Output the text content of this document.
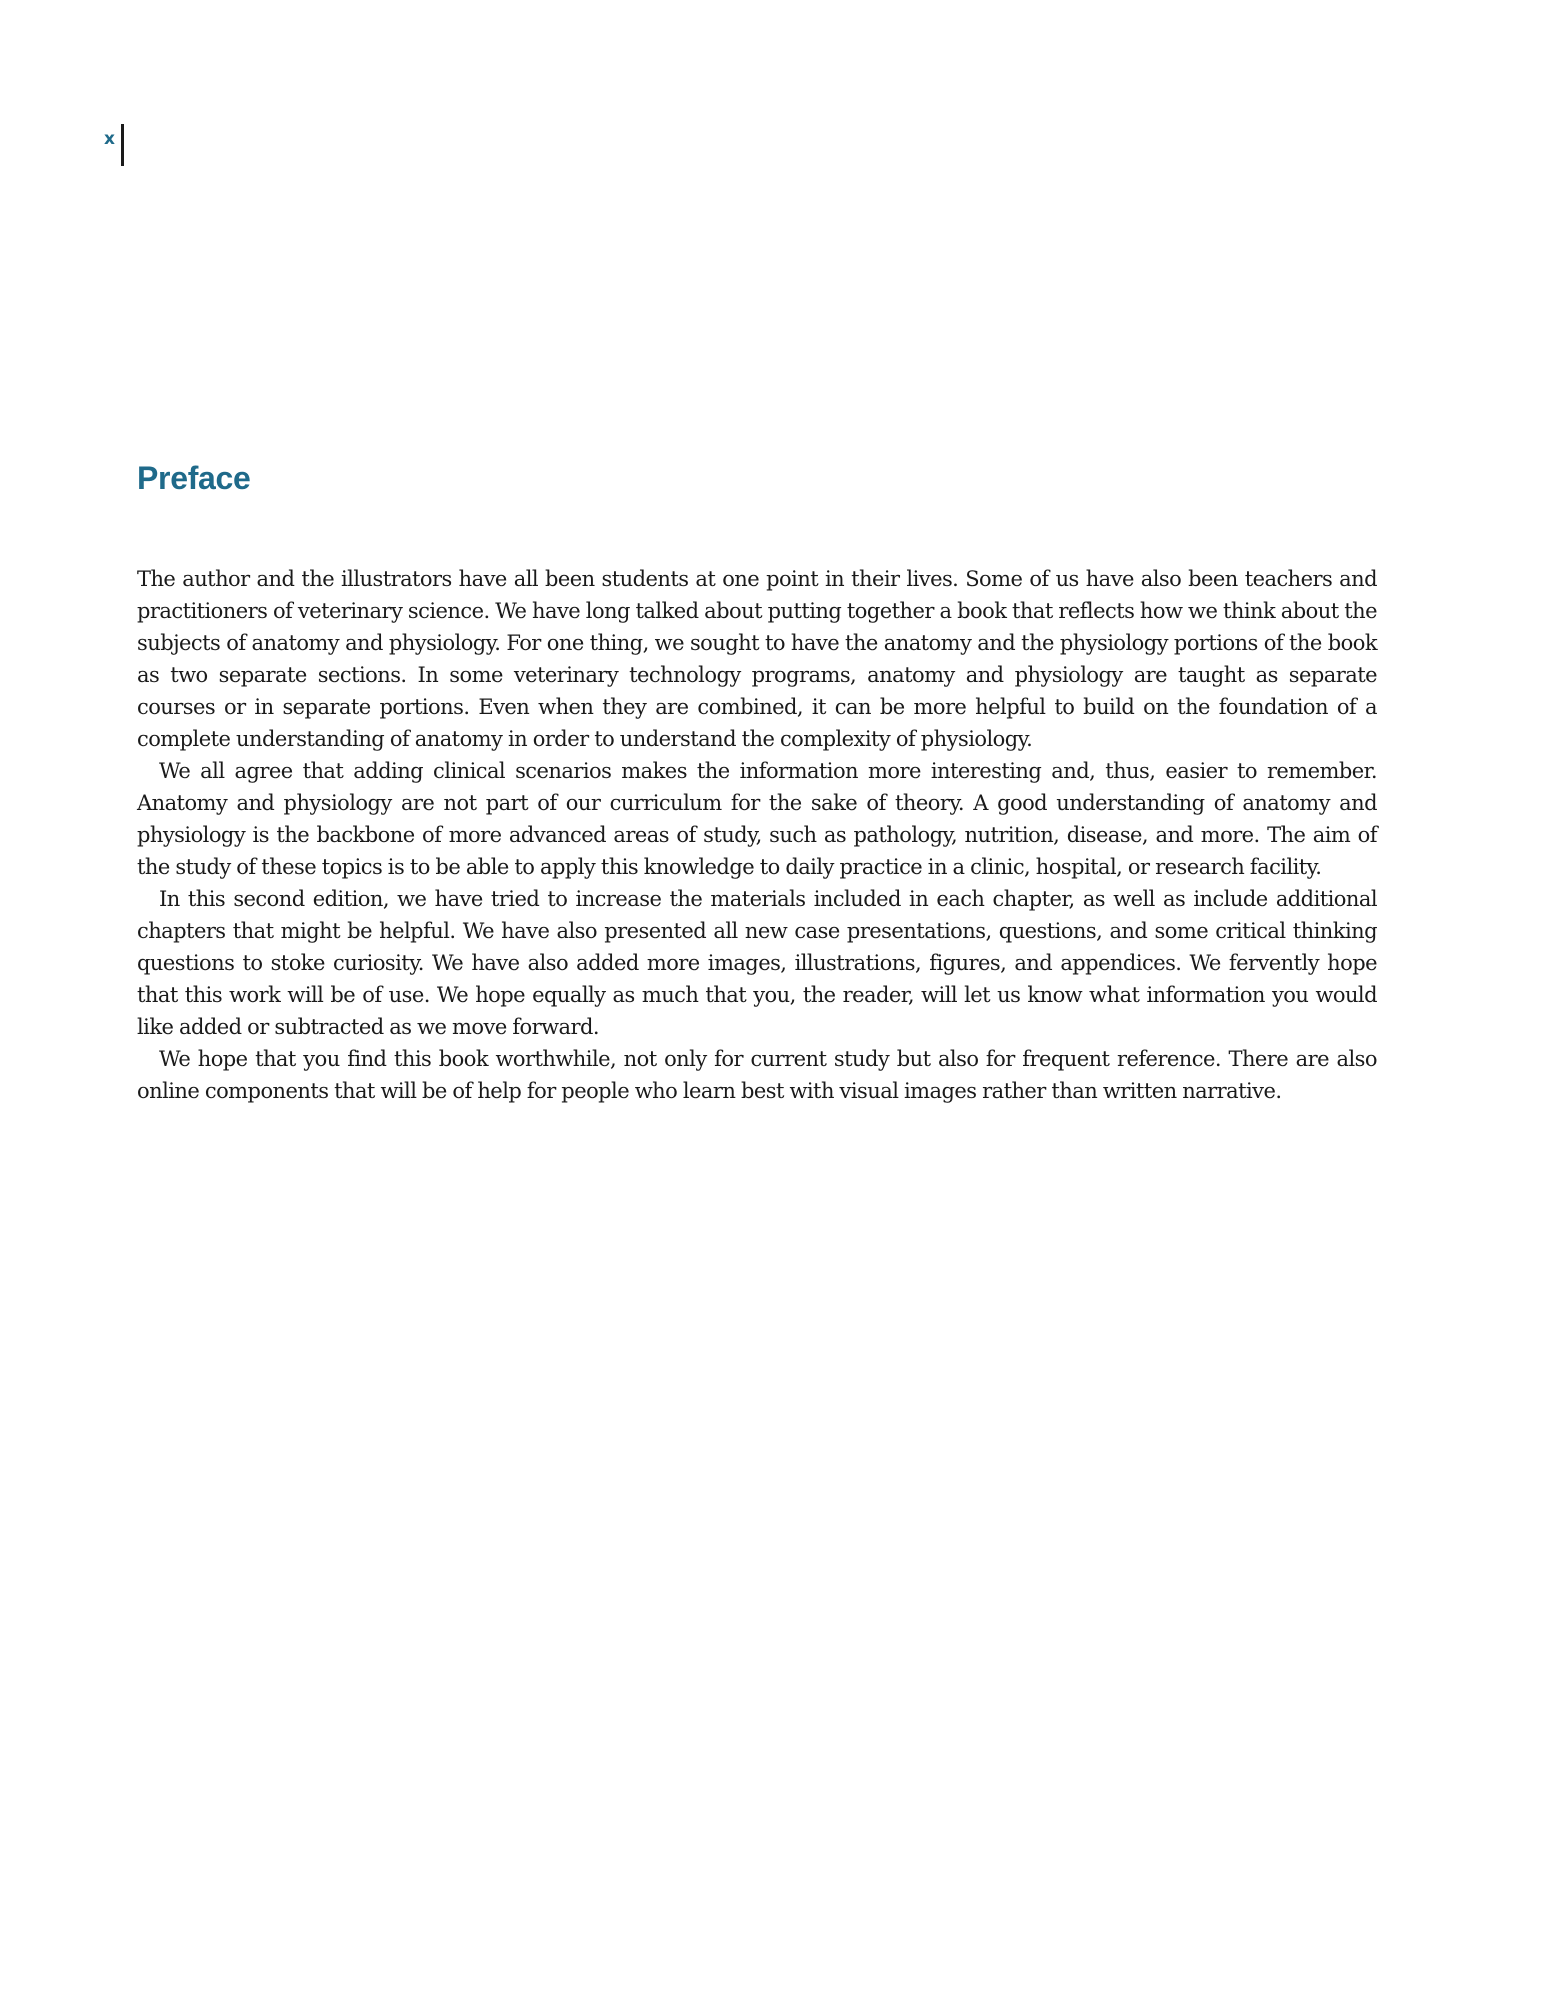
x
Preface

The author and the illustrators have all been students at one point in their lives. Some of us have also been teachers and practitioners of veterinary science. We have long talked about putting together a book that reflects how we think about the subjects of anatomy and physiology. For one thing, we sought to have the anatomy and the physiology portions of the book as two separate sections. In some veterinary technology programs, anatomy and physiology are taught as separate courses or in separate portions. Even when they are combined, it can be more helpful to build on the foundation of a complete understanding of anatomy in order to understand the complexity of physiology.

We all agree that adding clinical scenarios makes the information more interesting and, thus, easier to remember. Anatomy and physiology are not part of our curriculum for the sake of theory. A good understanding of anatomy and physiology is the backbone of more advanced areas of study, such as pathology, nutrition, disease, and more. The aim of the study of these topics is to be able to apply this knowledge to daily practice in a clinic, hospital, or research facility.

In this second edition, we have tried to increase the materials included in each chapter, as well as include additional chapters that might be helpful. We have also presented all new case presentations, questions, and some critical thinking questions to stoke curiosity. We have also added more images, illustrations, figures, and appendices. We fervently hope that this work will be of use. We hope equally as much that you, the reader, will let us know what information you would like added or subtracted as we move forward.

We hope that you find this book worthwhile, not only for current study but also for frequent reference. There are also online components that will be of help for people who learn best with visual images rather than written narrative.
